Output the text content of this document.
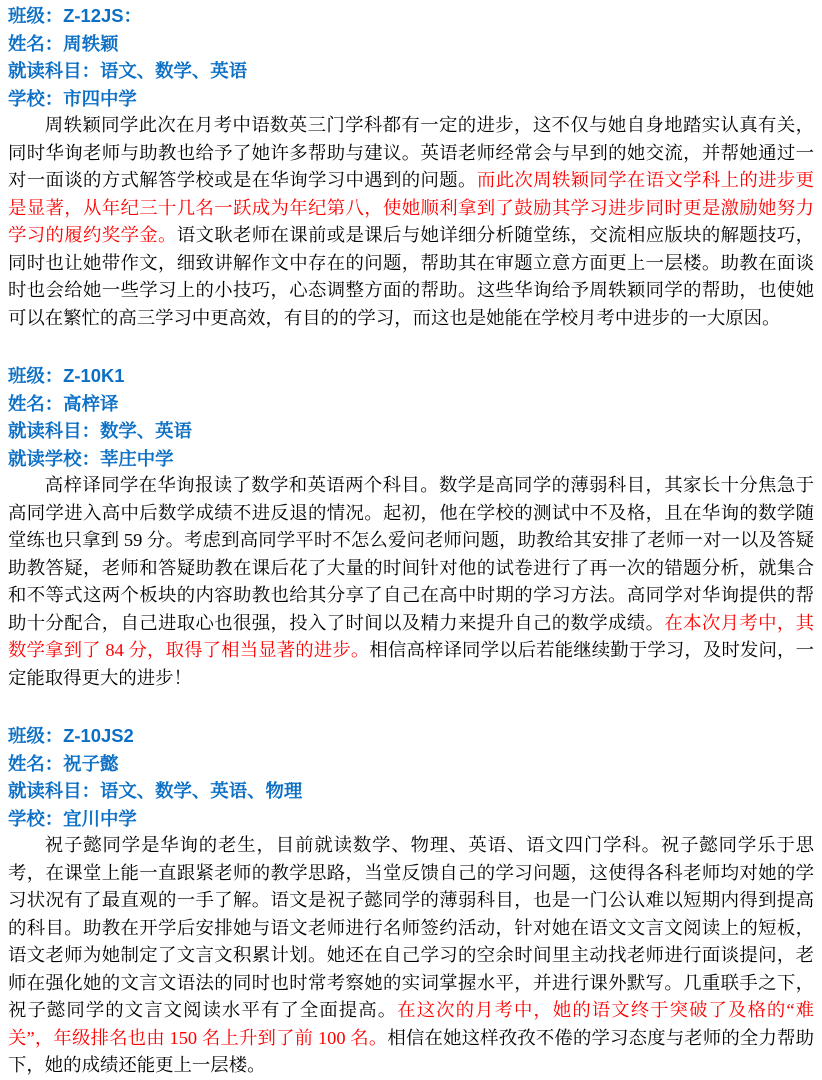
班级：Z-12JS：
姓名：周轶颖
就读科目：语文、数学、英语
学校：市四中学

周轶颖同学此次在月考中语数英三门学科都有一定的进步，这不仅与她自身地踏实认真有关，同时华询老师与助教也给予了她许多帮助与建议。英语老师经常会与早到的她交流，并帮她通过一对一面谈的方式解答学校或是在华询学习中遇到的问题。而此次周轶颖同学在语文学科上的进步更是显著，从年纪三十几名一跃成为年纪第八，使她顺利拿到了鼓励其学习进步同时更是激励她努力学习的履约奖学金。语文耿老师在课前或是课后与她详细分析随堂练，交流相应版块的解题技巧，同时也让她带作文，细致讲解作文中存在的问题，帮助其在审题立意方面更上一层楼。助教在面谈时也会给她一些学习上的小技巧，心态调整方面的帮助。这些华询给予周轶颖同学的帮助，也使她可以在繁忙的高三学习中更高效，有目的的学习，而这也是她能在学校月考中进步的一大原因。

班级：Z-10K1
姓名：高梓译
就读科目：数学、英语
就读学校：莘庄中学

高梓译同学在华询报读了数学和英语两个科目。数学是高同学的薄弱科目，其家长十分焦急于高同学进入高中后数学成绩不进反退的情况。起初，他在学校的测试中不及格，且在华询的数学随堂练也只拿到 59 分。考虑到高同学平时不怎么爱问老师问题，助教给其安排了老师一对一以及答疑助教答疑，老师和答疑助教在课后花了大量的时间针对他的试卷进行了再一次的错题分析，就集合和不等式这两个板块的内容助教也给其分享了自己在高中时期的学习方法。高同学对华询提供的帮助十分配合，自己进取心也很强，投入了时间以及精力来提升自己的数学成绩。在本次月考中，其数学拿到了 84 分，取得了相当显著的进步。相信高梓译同学以后若能继续勤于学习，及时发问，一定能取得更大的进步！

班级：Z-10JS2
姓名：祝子懿
就读科目：语文、数学、英语、物理
学校：宜川中学

祝子懿同学是华询的老生，目前就读数学、物理、英语、语文四门学科。祝子懿同学乐于思考，在课堂上能一直跟紧老师的教学思路，当堂反馈自己的学习问题，这使得各科老师均对她的学习状况有了最直观的一手了解。语文是祝子懿同学的薄弱科目，也是一门公认难以短期内得到提高的科目。助教在开学后安排她与语文老师进行名师签约活动，针对她在语文文言文阅读上的短板，语文老师为她制定了文言文积累计划。她还在自己学习的空余时间里主动找老师进行面谈提问，老师在强化她的文言文语法的同时也时常考察她的实词掌握水平，并进行课外默写。几重联手之下，祝子懿同学的文言文阅读水平有了全面提高。在这次的月考中，她的语文终于突破了及格的“难关”，年级排名也由 150 名上升到了前 100 名。相信在她这样孜孜不倦的学习态度与老师的全力帮助下，她的成绩还能更上一层楼。
